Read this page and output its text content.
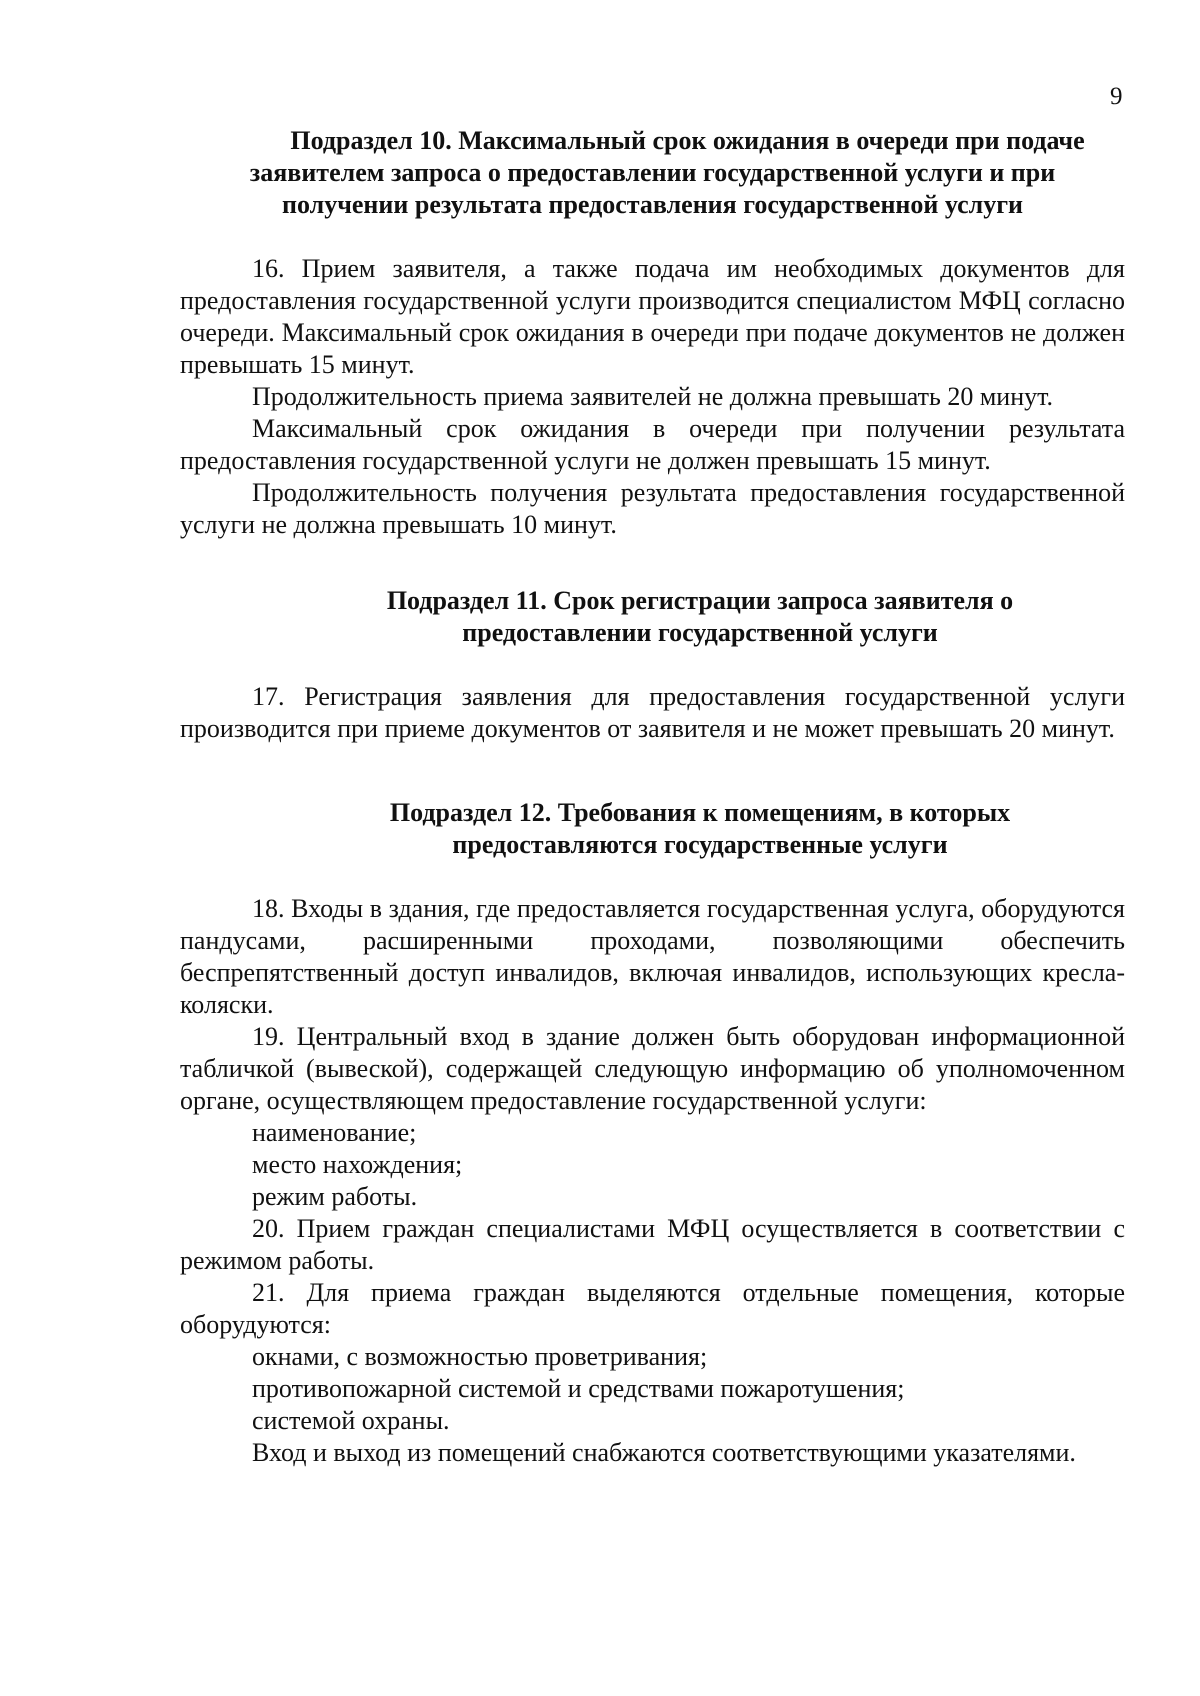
9
Подраздел 10. Максимальный срок ожидания в очереди при подаче
заявителем запроса о предоставлении государственной услуги и при
получении результата предоставления государственной услуги

16. Прием заявителя, а также подача им необходимых документов для предоставления государственной услуги производится специалистом МФЦ согласно очереди. Максимальный срок ожидания в очереди при подаче документов не должен превышать 15 минут.

Продолжительность приема заявителей не должна превышать 20 минут.

Максимальный срок ожидания в очереди при получении результата предоставления государственной услуги не должен превышать 15 минут.

Продолжительность получения результата предоставления государственной услуги не должна превышать 10 минут.

Подраздел 11. Срок регистрации запроса заявителя о
предоставлении государственной услуги

17. Регистрация заявления для предоставления государственной услуги производится при приеме документов от заявителя и не может превышать 20 минут.

Подраздел 12. Требования к помещениям, в которых
предоставляются государственные услуги

18. Входы в здания, где предоставляется государственная услуга, оборудуются пандусами, расширенными проходами, позволяющими обеспечить беспрепятственный доступ инвалидов, включая инвалидов, использующих кресла-коляски.

19. Центральный вход в здание должен быть оборудован информационной табличкой (вывеской), содержащей следующую информацию об уполномоченном органе, осуществляющем предоставление государственной услуги:

наименование;

место нахождения;

режим работы.

20. Прием граждан специалистами МФЦ осуществляется в соответствии с режимом работы.

21. Для приема граждан выделяются отдельные помещения, которые оборудуются:

окнами, с возможностью проветривания;

противопожарной системой и средствами пожаротушения;

системой охраны.

Вход и выход из помещений снабжаются соответствующими указателями.
